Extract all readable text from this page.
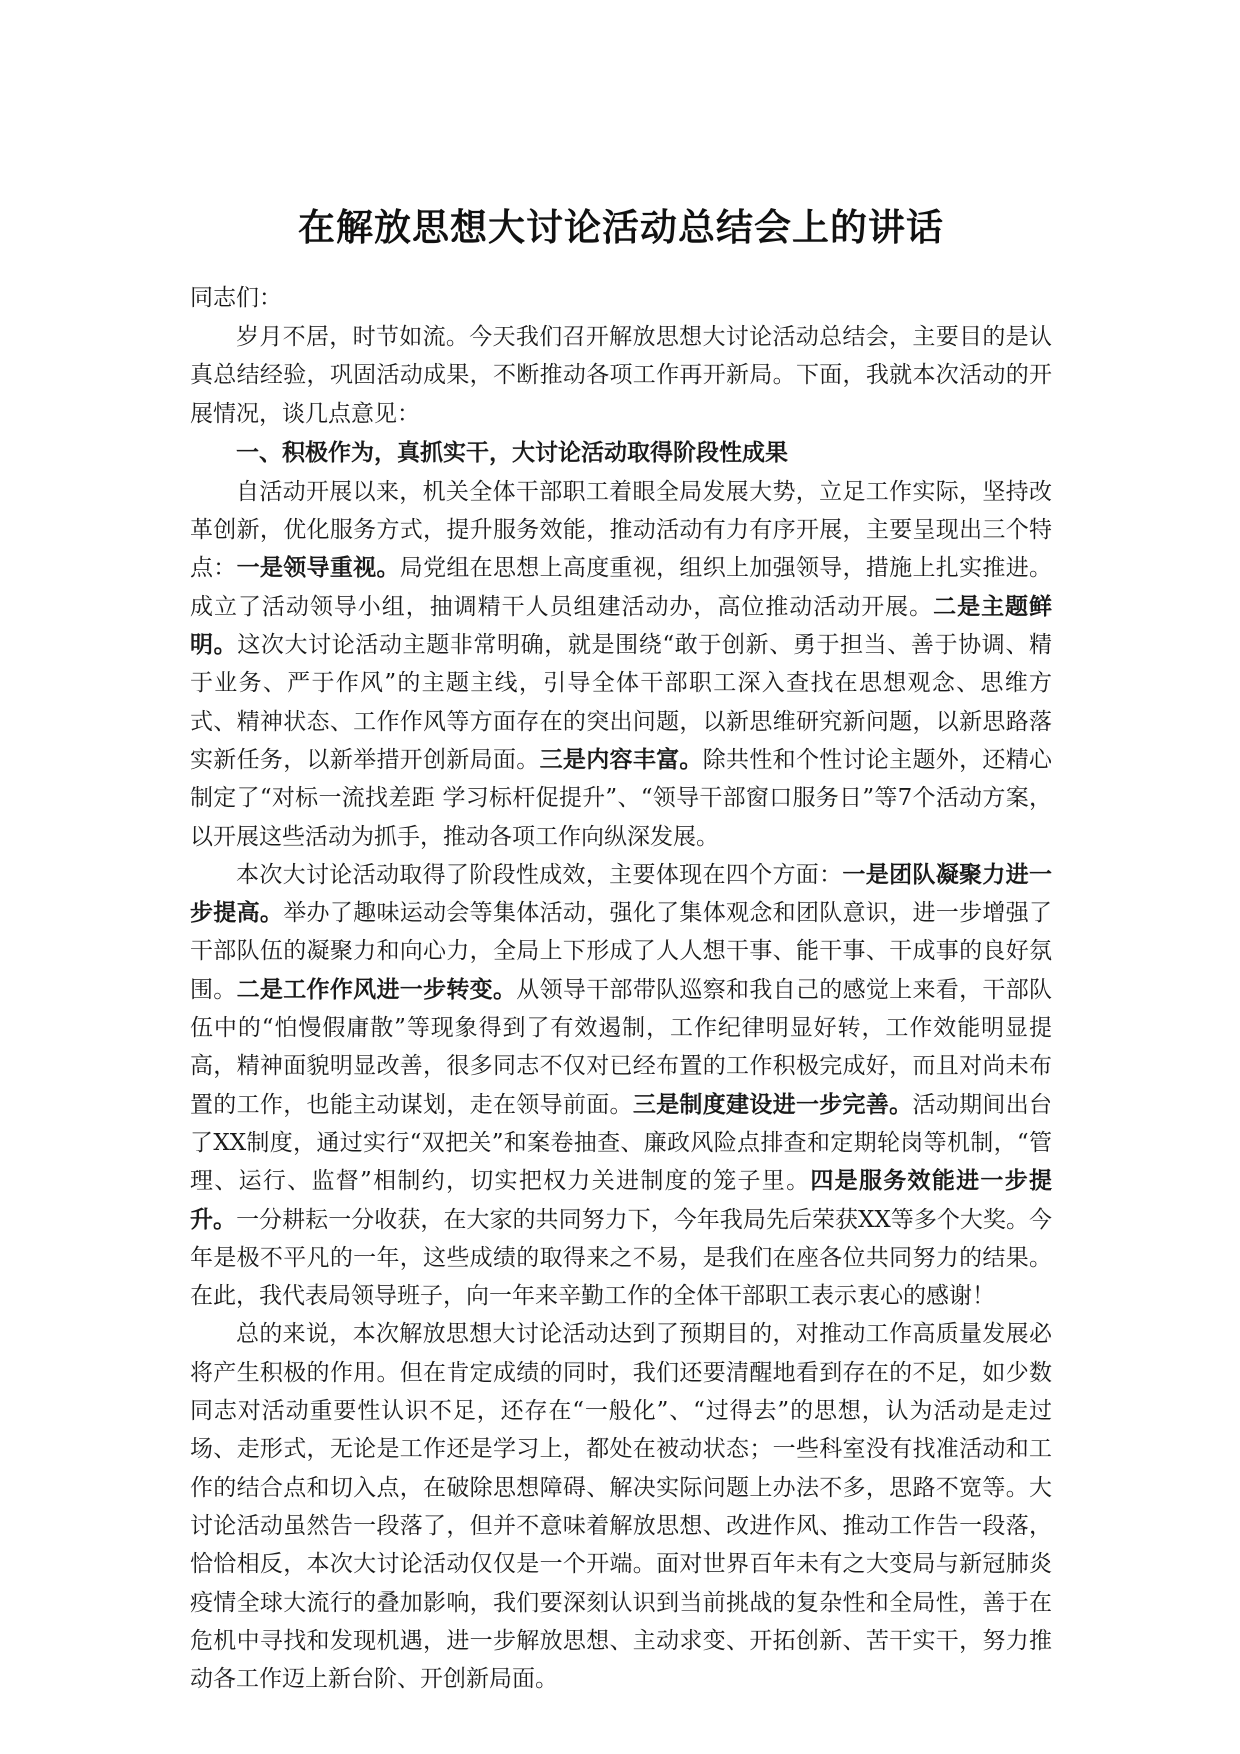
在解放思想大讨论活动总结会上的讲话

同志们：

岁月不居，时节如流。今天我们召开解放思想大讨论活动总结会，主要目的是认真总结经验，巩固活动成果，不断推动各项工作再开新局。下面，我就本次活动的开展情况，谈几点意见：

一、积极作为，真抓实干，大讨论活动取得阶段性成果

自活动开展以来，机关全体干部职工着眼全局发展大势，立足工作实际，坚持改革创新，优化服务方式，提升服务效能，推动活动有力有序开展，主要呈现出三个特点：一是领导重视。局党组在思想上高度重视，组织上加强领导，措施上扎实推进。成立了活动领导小组，抽调精干人员组建活动办，高位推动活动开展。二是主题鲜明。这次大讨论活动主题非常明确，就是围绕“敢于创新、勇于担当、善于协调、精于业务、严于作风”的主题主线，引导全体干部职工深入查找在思想观念、思维方式、精神状态、工作作风等方面存在的突出问题，以新思维研究新问题，以新思路落实新任务，以新举措开创新局面。三是内容丰富。除共性和个性讨论主题外，还精心制定了“对标一流找差距 学习标杆促提升”、“领导干部窗口服务日”等7个活动方案，以开展这些活动为抓手，推动各项工作向纵深发展。

本次大讨论活动取得了阶段性成效，主要体现在四个方面：一是团队凝聚力进一步提高。举办了趣味运动会等集体活动，强化了集体观念和团队意识，进一步增强了干部队伍的凝聚力和向心力，全局上下形成了人人想干事、能干事、干成事的良好氛围。二是工作作风进一步转变。从领导干部带队巡察和我自己的感觉上来看，干部队伍中的“怕慢假庸散”等现象得到了有效遏制，工作纪律明显好转，工作效能明显提高，精神面貌明显改善，很多同志不仅对已经布置的工作积极完成好，而且对尚未布置的工作，也能主动谋划，走在领导前面。三是制度建设进一步完善。活动期间出台了XX制度，通过实行“双把关”和案卷抽查、廉政风险点排查和定期轮岗等机制，“管理、运行、监督”相制约，切实把权力关进制度的笼子里。四是服务效能进一步提升。一分耕耘一分收获，在大家的共同努力下，今年我局先后荣获XX等多个大奖。今年是极不平凡的一年，这些成绩的取得来之不易，是我们在座各位共同努力的结果。在此，我代表局领导班子，向一年来辛勤工作的全体干部职工表示衷心的感谢！

总的来说，本次解放思想大讨论活动达到了预期目的，对推动工作高质量发展必将产生积极的作用。但在肯定成绩的同时，我们还要清醒地看到存在的不足，如少数同志对活动重要性认识不足，还存在“一般化”、“过得去”的思想，认为活动是走过场、走形式，无论是工作还是学习上，都处在被动状态；一些科室没有找准活动和工作的结合点和切入点，在破除思想障碍、解决实际问题上办法不多，思路不宽等。大讨论活动虽然告一段落了，但并不意味着解放思想、改进作风、推动工作告一段落，恰恰相反，本次大讨论活动仅仅是一个开端。面对世界百年未有之大变局与新冠肺炎疫情全球大流行的叠加影响，我们要深刻认识到当前挑战的复杂性和全局性，善于在危机中寻找和发现机遇，进一步解放思想、主动求变、开拓创新、苦干实干，努力推动各工作迈上新台阶、开创新局面。
